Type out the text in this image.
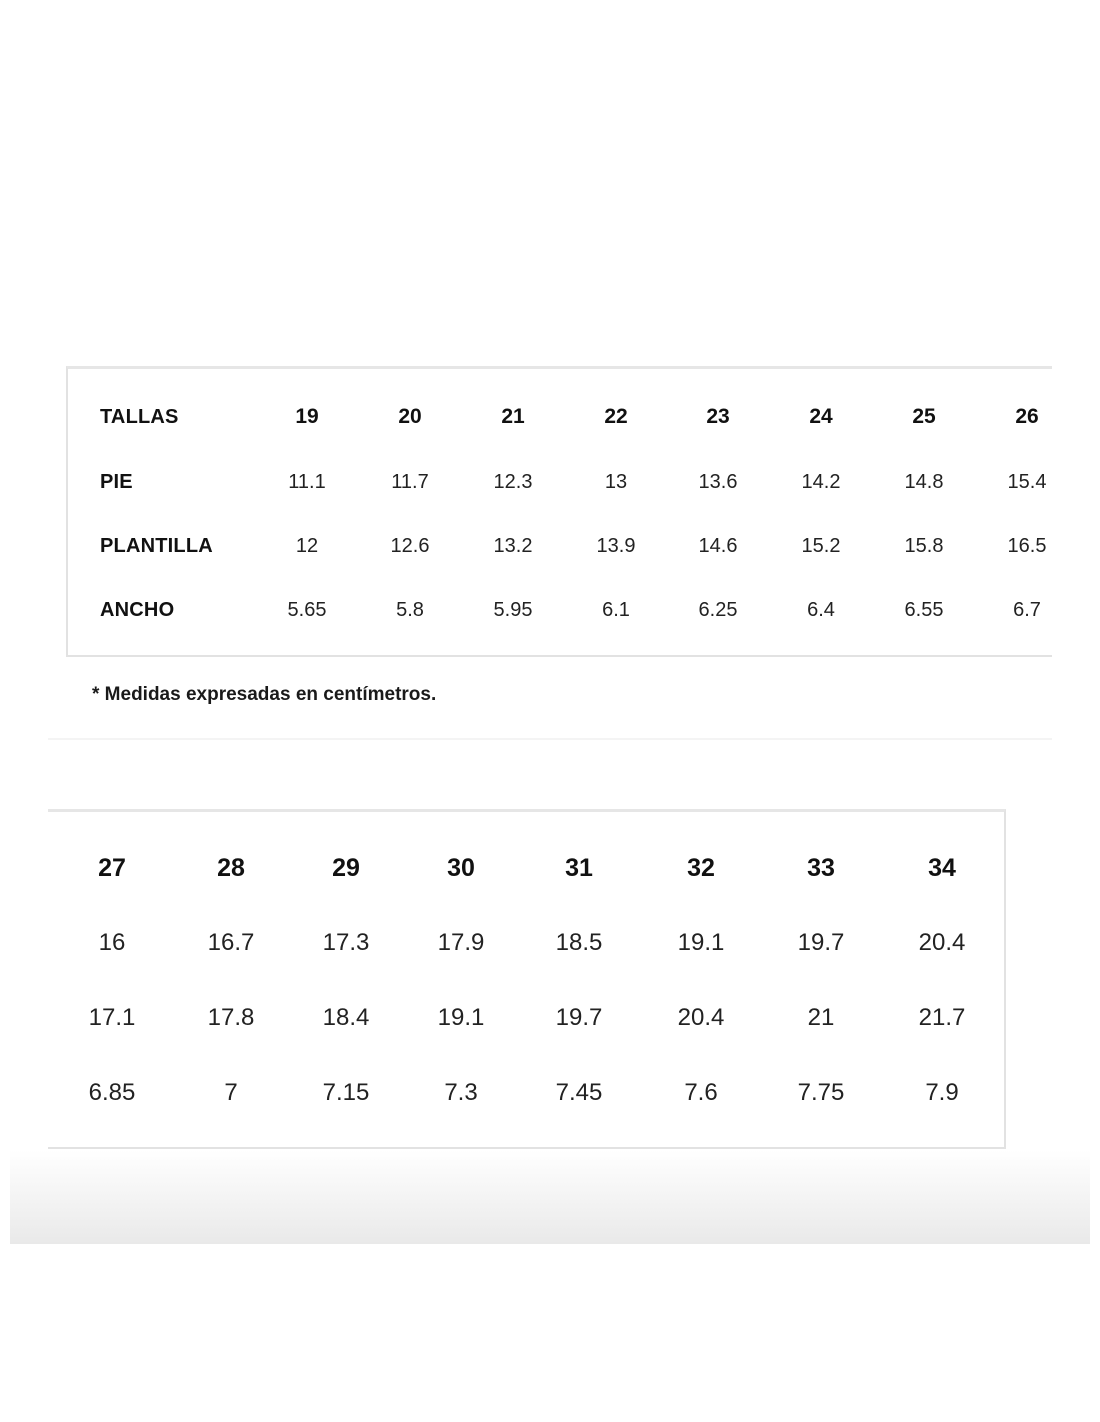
TALLAS	19	20	21	22	23	24	25	26
PIE	11.1	11.7	12.3	13	13.6	14.2	14.8	15.4
PLANTILLA	12	12.6	13.2	13.9	14.6	15.2	15.8	16.5
ANCHO	5.65	5.8	5.95	6.1	6.25	6.4	6.55	6.7
* Medidas expresadas en centímetros.
27	28	29	30	31	32	33	34
16	16.7	17.3	17.9	18.5	19.1	19.7	20.4
17.1	17.8	18.4	19.1	19.7	20.4	21	21.7
6.85	7	7.15	7.3	7.45	7.6	7.75	7.9
